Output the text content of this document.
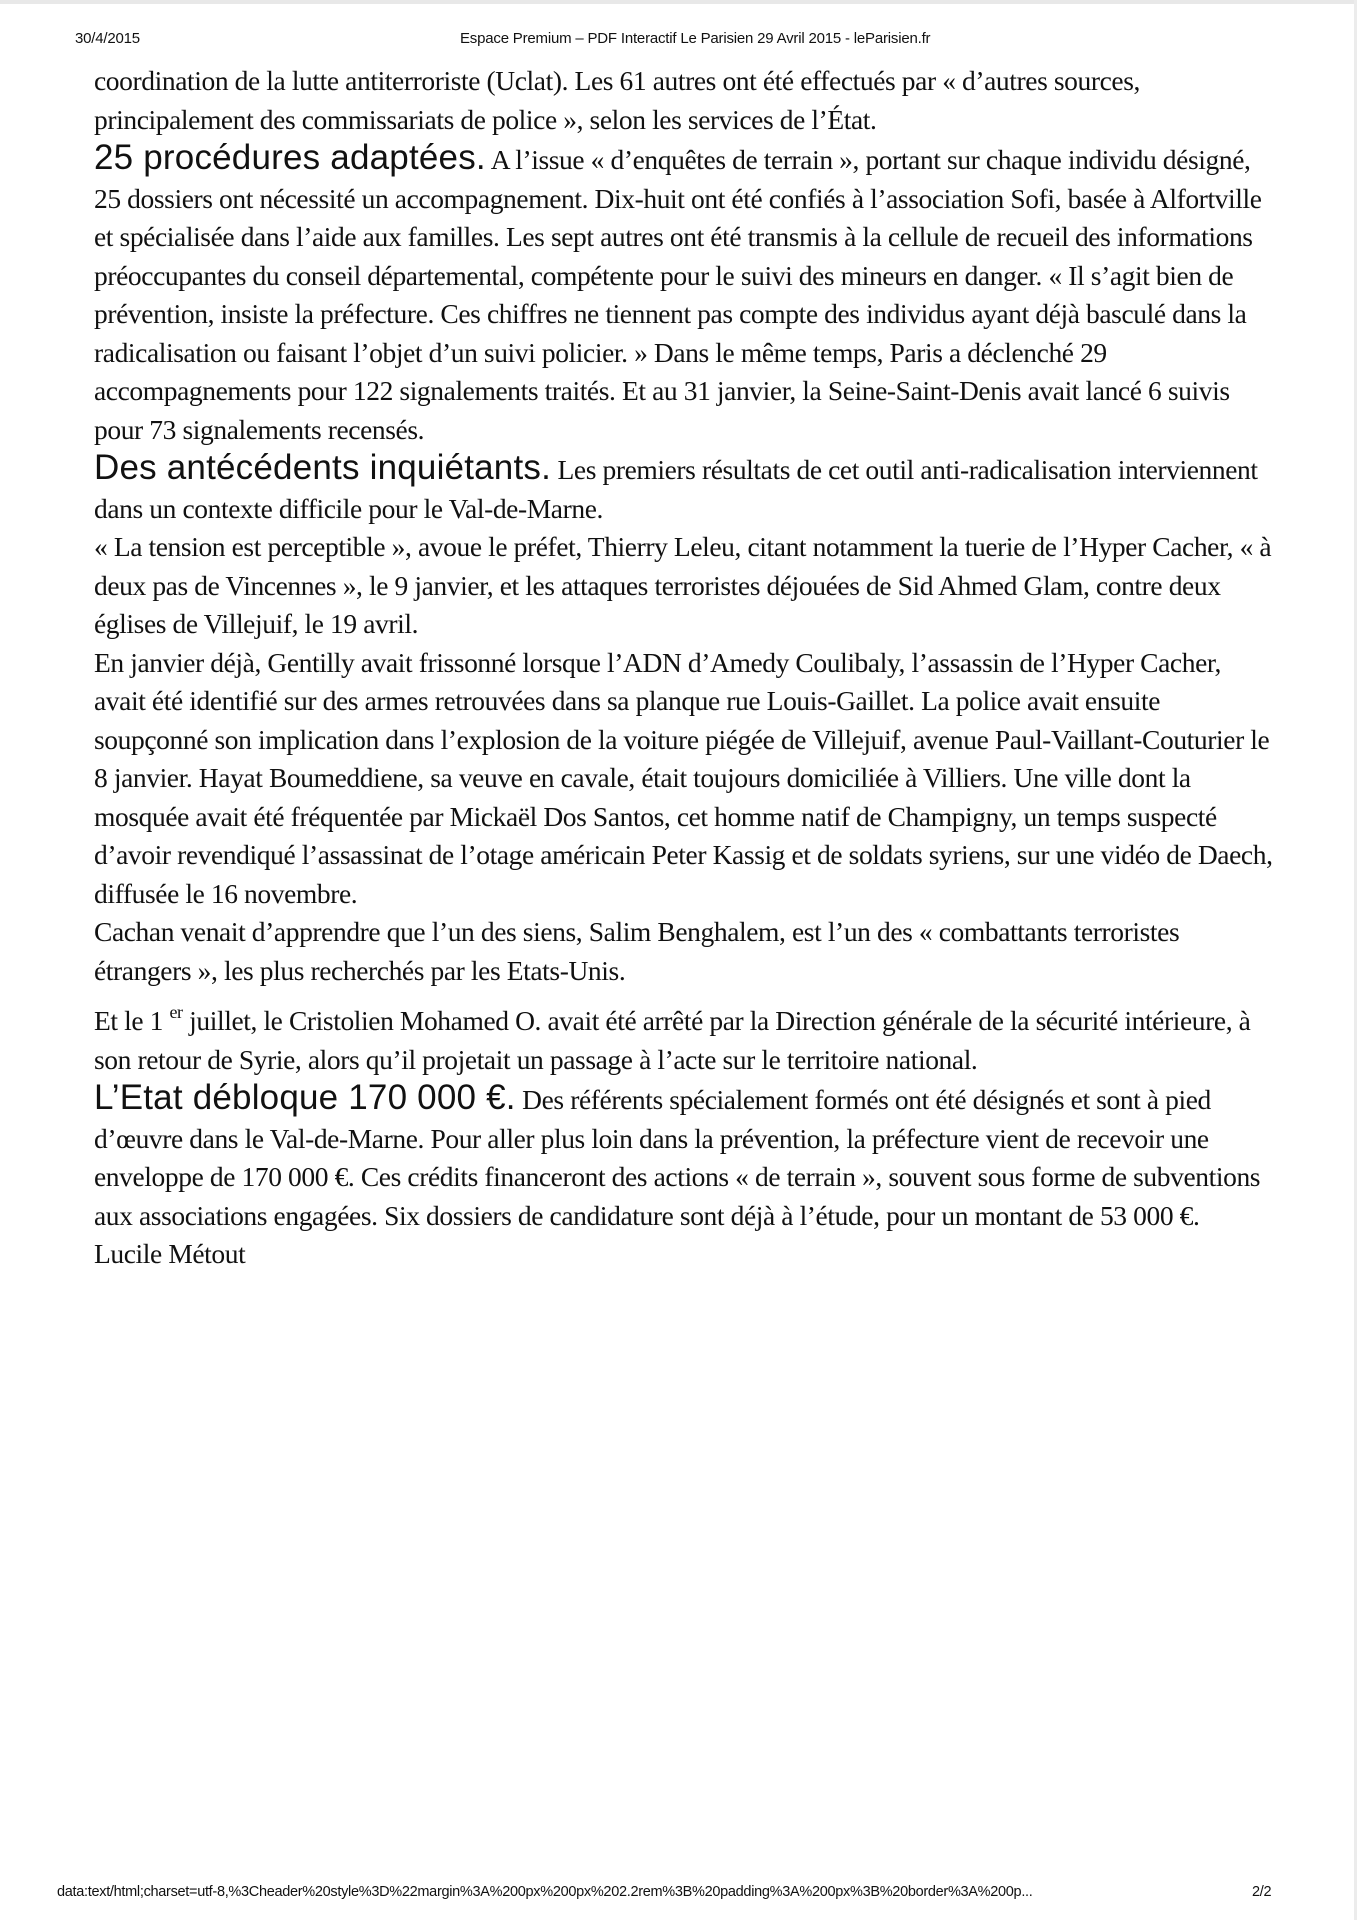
30/4/2015	Espace Premium – PDF Interactif Le Parisien 29 Avril 2015 - leParisien.fr

coordination de la lutte antiterroriste (Uclat). Les 61 autres ont été effectués par « d’autres sources, principalement des commissariats de police », selon les services de l’État.

25 procédures adaptées. A l’issue « d’enquêtes de terrain », portant sur chaque individu désigné, 25 dossiers ont nécessité un accompagnement. Dix-huit ont été confiés à l’association Sofi, basée à Alfortville et spécialisée dans l’aide aux familles. Les sept autres ont été transmis à la cellule de recueil des informations préoccupantes du conseil départemental, compétente pour le suivi des mineurs en danger. « Il s’agit bien de prévention, insiste la préfecture. Ces chiffres ne tiennent pas compte des individus ayant déjà basculé dans la radicalisation ou faisant l’objet d’un suivi policier. » Dans le même temps, Paris a déclenché 29 accompagnements pour 122 signalements traités. Et au 31 janvier, la Seine-Saint-Denis avait lancé 6 suivis pour 73 signalements recensés.

Des antécédents inquiétants. Les premiers résultats de cet outil anti-radicalisation interviennent dans un contexte difficile pour le Val-de-Marne.

« La tension est perceptible », avoue le préfet, Thierry Leleu, citant notamment la tuerie de l’Hyper Cacher, « à deux pas de Vincennes », le 9 janvier, et les attaques terroristes déjouées de Sid Ahmed Glam, contre deux églises de Villejuif, le 19 avril.

En janvier déjà, Gentilly avait frissonné lorsque l’ADN d’Amedy Coulibaly, l’assassin de l’Hyper Cacher, avait été identifié sur des armes retrouvées dans sa planque rue Louis-Gaillet. La police avait ensuite soupçonné son implication dans l’explosion de la voiture piégée de Villejuif, avenue Paul-Vaillant-Couturier le 8 janvier. Hayat Boumeddiene, sa veuve en cavale, était toujours domiciliée à Villiers. Une ville dont la mosquée avait été fréquentée par Mickaël Dos Santos, cet homme natif de Champigny, un temps suspecté d’avoir revendiqué l’assassinat de l’otage américain Peter Kassig et de soldats syriens, sur une vidéo de Daech, diffusée le 16 novembre.

Cachan venait d’apprendre que l’un des siens, Salim Benghalem, est l’un des « combattants terroristes étrangers », les plus recherchés par les Etats-Unis.

Et le 1 $^{er}$ juillet, le Cristolien Mohamed O. avait été arrêté par la Direction générale de la sécurité intérieure, à son retour de Syrie, alors qu’il projetait un passage à l’acte sur le territoire national.

L’Etat débloque 170 000 €. Des référents spécialement formés ont été désignés et sont à pied d’œuvre dans le Val-de-Marne. Pour aller plus loin dans la prévention, la préfecture vient de recevoir une enveloppe de 170 000 €. Ces crédits financeront des actions « de terrain », souvent sous forme de subventions aux associations engagées. Six dossiers de candidature sont déjà à l’étude, pour un montant de 53 000 €.

Lucile Métout

data:text/html;charset=utf-8,%3Cheader%20style%3D%22margin%3A%200px%200px%202.2rem%3B%20padding%3A%200px%3B%20border%3A%200p...	2/2
